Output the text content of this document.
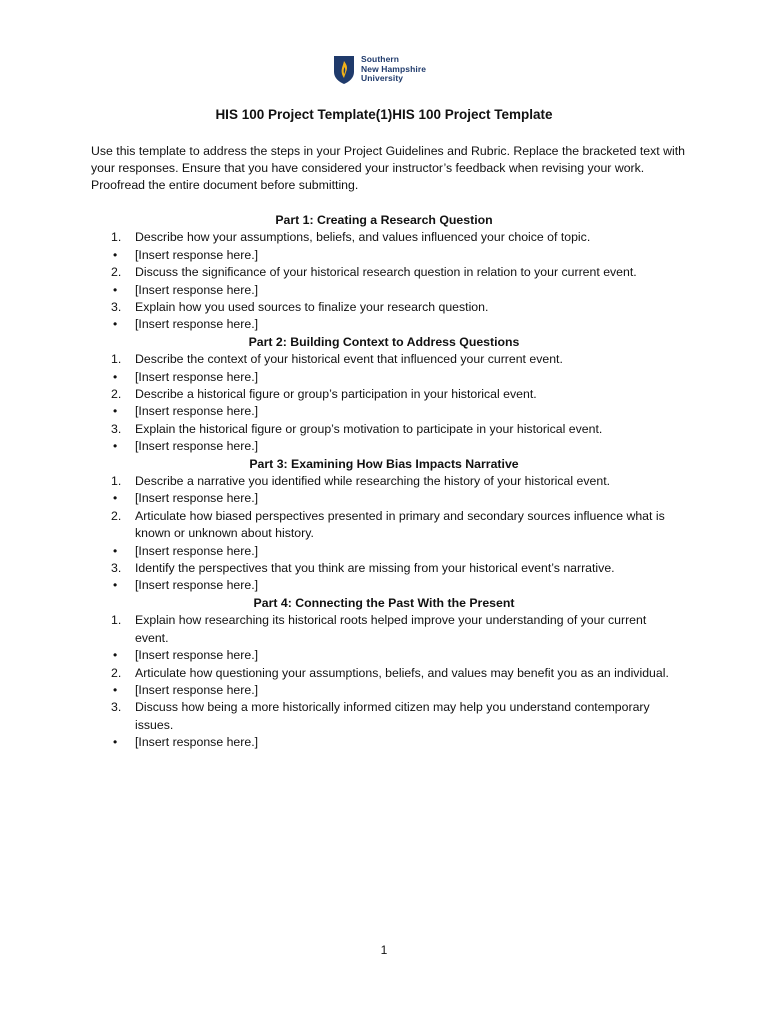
Southern
New Hampshire
University
HIS 100 Project Template(1)HIS 100 Project Template
Use this template to address the steps in your Project Guidelines and Rubric. Replace the bracketed text with your responses. Ensure that you have considered your instructor’s feedback when revising your work. Proofread the entire document before submitting.
Part 1: Creating a Research Question
1.	Describe how your assumptions, beliefs, and values influenced your choice of topic.
•	[Insert response here.]
2.	Discuss the significance of your historical research question in relation to your current event.
•	[Insert response here.]
3.	Explain how you used sources to finalize your research question.
•	[Insert response here.]
Part 2: Building Context to Address Questions
1.	Describe the context of your historical event that influenced your current event.
•	[Insert response here.]
2.	Describe a historical figure or group’s participation in your historical event.
•	[Insert response here.]
3.	Explain the historical figure or group’s motivation to participate in your historical event.
•	[Insert response here.]
Part 3: Examining How Bias Impacts Narrative
1.	Describe a narrative you identified while researching the history of your historical event.
•	[Insert response here.]
2.	Articulate how biased perspectives presented in primary and secondary sources influence what is known or unknown about history.
•	[Insert response here.]
3.	Identify the perspectives that you think are missing from your historical event’s narrative.
•	[Insert response here.]
Part 4: Connecting the Past With the Present
1.	Explain how researching its historical roots helped improve your understanding of your current event.
•	[Insert response here.]
2.	Articulate how questioning your assumptions, beliefs, and values may benefit you as an individual.
•	[Insert response here.]
3.	Discuss how being a more historically informed citizen may help you understand contemporary issues.
•	[Insert response here.]
1
